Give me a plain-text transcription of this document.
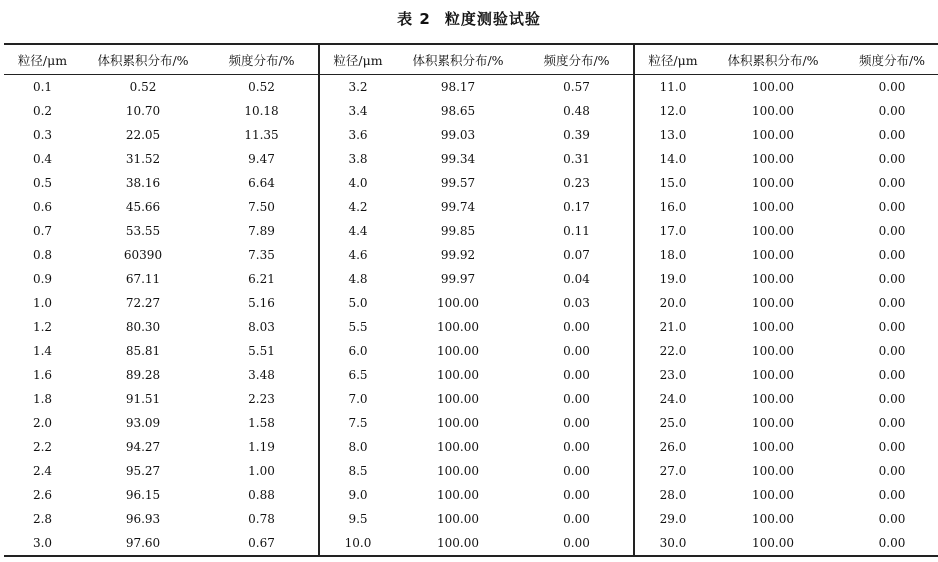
表 2 粒度测验试验
粒径/μm	体积累积分布/%	频度分布/%	粒径/μm	体积累积分布/%	频度分布/%	粒径/μm	体积累积分布/%	频度分布/%
0.1	0.52	0.52	3.2	98.17	0.57	11.0	100.00	0.00
0.2	10.70	10.18	3.4	98.65	0.48	12.0	100.00	0.00
0.3	22.05	11.35	3.6	99.03	0.39	13.0	100.00	0.00
0.4	31.52	9.47	3.8	99.34	0.31	14.0	100.00	0.00
0.5	38.16	6.64	4.0	99.57	0.23	15.0	100.00	0.00
0.6	45.66	7.50	4.2	99.74	0.17	16.0	100.00	0.00
0.7	53.55	7.89	4.4	99.85	0.11	17.0	100.00	0.00
0.8	60390	7.35	4.6	99.92	0.07	18.0	100.00	0.00
0.9	67.11	6.21	4.8	99.97	0.04	19.0	100.00	0.00
1.0	72.27	5.16	5.0	100.00	0.03	20.0	100.00	0.00
1.2	80.30	8.03	5.5	100.00	0.00	21.0	100.00	0.00
1.4	85.81	5.51	6.0	100.00	0.00	22.0	100.00	0.00
1.6	89.28	3.48	6.5	100.00	0.00	23.0	100.00	0.00
1.8	91.51	2.23	7.0	100.00	0.00	24.0	100.00	0.00
2.0	93.09	1.58	7.5	100.00	0.00	25.0	100.00	0.00
2.2	94.27	1.19	8.0	100.00	0.00	26.0	100.00	0.00
2.4	95.27	1.00	8.5	100.00	0.00	27.0	100.00	0.00
2.6	96.15	0.88	9.0	100.00	0.00	28.0	100.00	0.00
2.8	96.93	0.78	9.5	100.00	0.00	29.0	100.00	0.00
3.0	97.60	0.67	10.0	100.00	0.00	30.0	100.00	0.00
